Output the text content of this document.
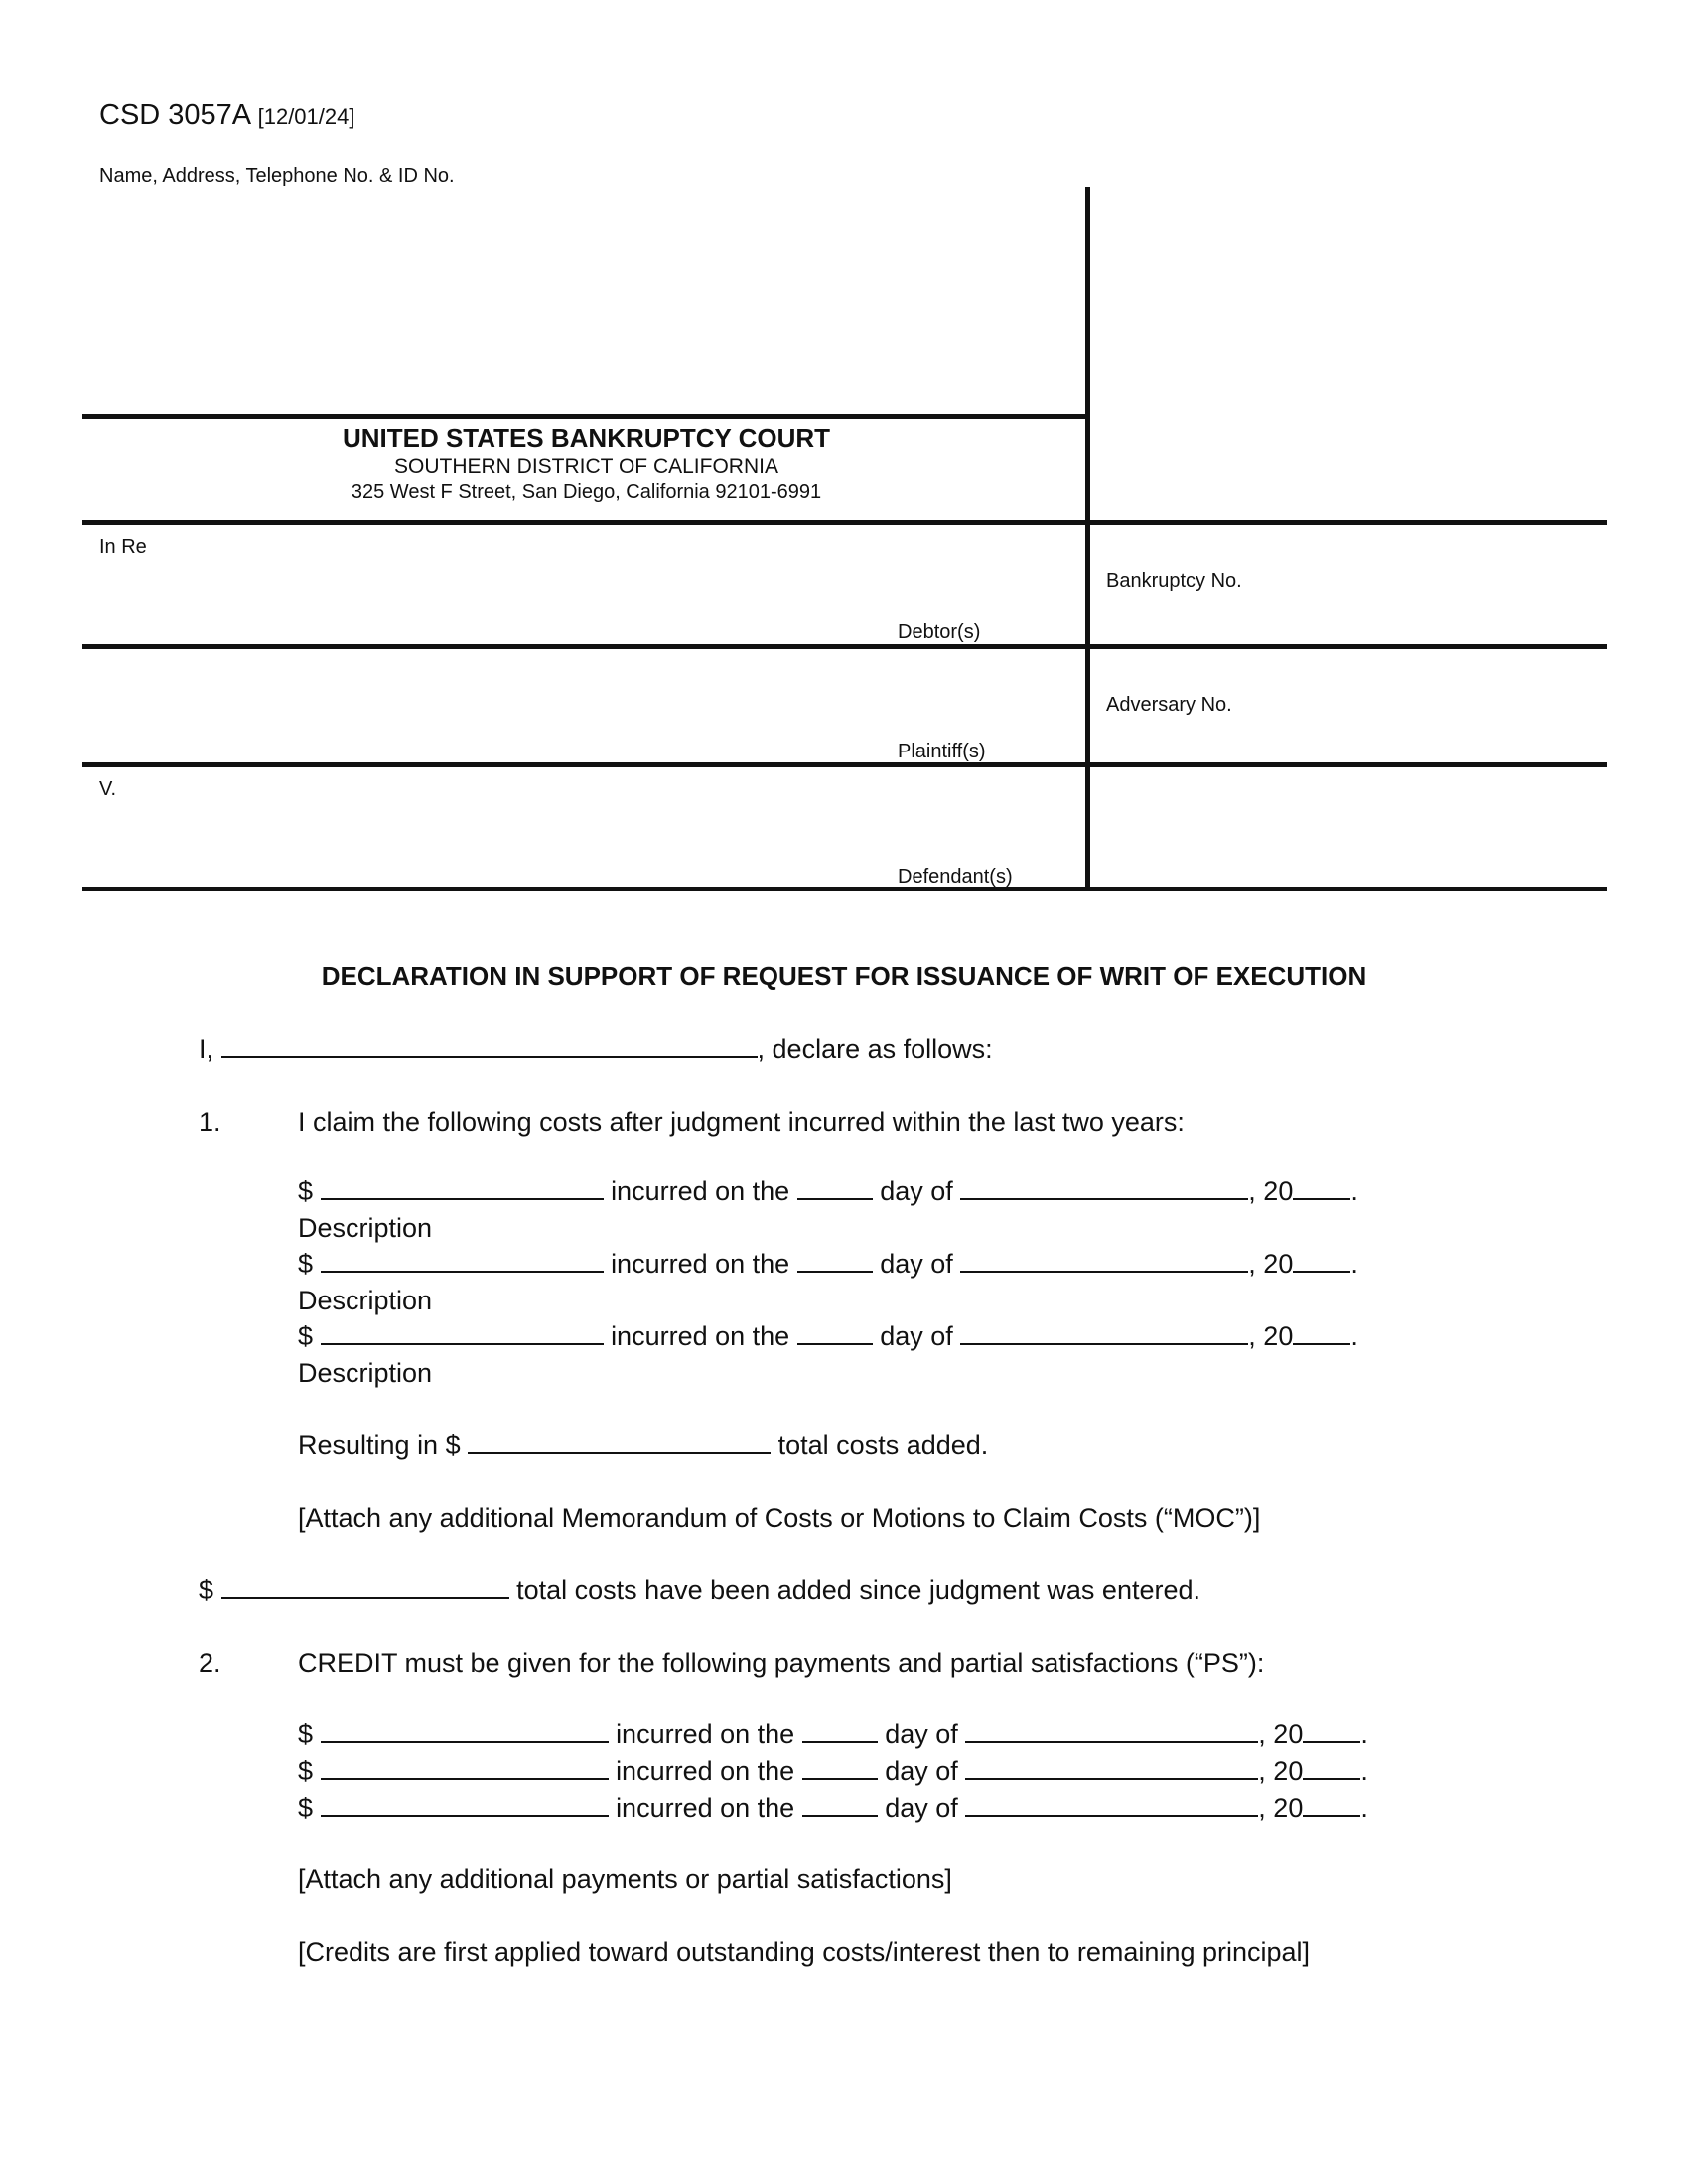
CSD 3057A [12/01/24]
Name, Address, Telephone No. & ID No.
UNITED STATES BANKRUPTCY COURT
SOUTHERN DISTRICT OF CALIFORNIA
325 West F Street, San Diego, California 92101-6991
In Re
Debtor(s)
Bankruptcy No.
Plaintiff(s)
Adversary No.
V.
Defendant(s)
DECLARATION IN SUPPORT OF REQUEST FOR ISSUANCE OF WRIT OF EXECUTION
I,	, declare as follows:
1.	I claim the following costs after judgment incurred within the last two years:
$	incurred on the	day of	, 20 .
Description
$	incurred on the	day of	, 20 .
Description
$	incurred on the	day of	, 20 .
Description
Resulting in $	total costs added.
[Attach any additional Memorandum of Costs or Motions to Claim Costs (“MOC”)]
$	total costs have been added since judgment was entered.
2.	CREDIT must be given for the following payments and partial satisfactions (“PS”):
$	incurred on the	day of	, 20 .
$	incurred on the	day of	, 20 .
$	incurred on the	day of	, 20 .
[Attach any additional payments or partial satisfactions]
[Credits are first applied toward outstanding costs/interest then to remaining principal]
